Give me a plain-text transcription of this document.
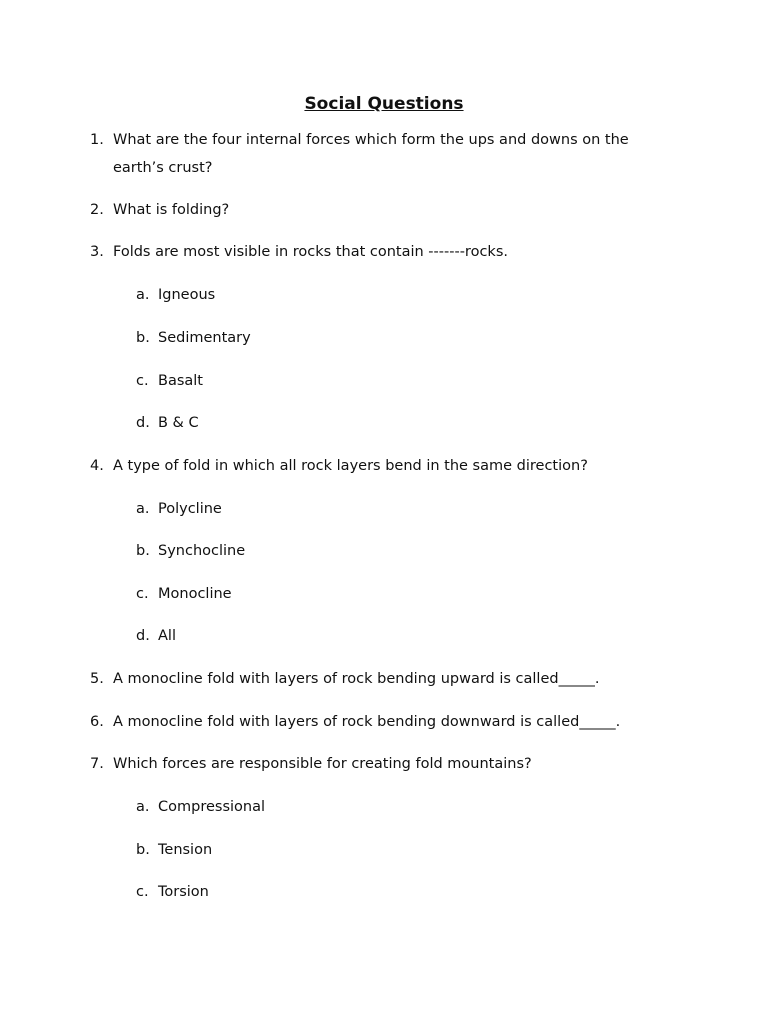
Social Questions
1. What are the four internal forces which form the ups and downs on the
earth’s crust?
2. What is folding?
3. Folds are most visible in rocks that contain -------rocks.
a. Igneous
b. Sedimentary
c. Basalt
d. B & C
4. A type of fold in which all rock layers bend in the same direction?
a. Polycline
b. Synchocline
c. Monocline
d. All
5. A monocline fold with layers of rock bending upward is called_____.
6. A monocline fold with layers of rock bending downward is called_____.
7. Which forces are responsible for creating fold mountains?
a. Compressional
b. Tension
c. Torsion
